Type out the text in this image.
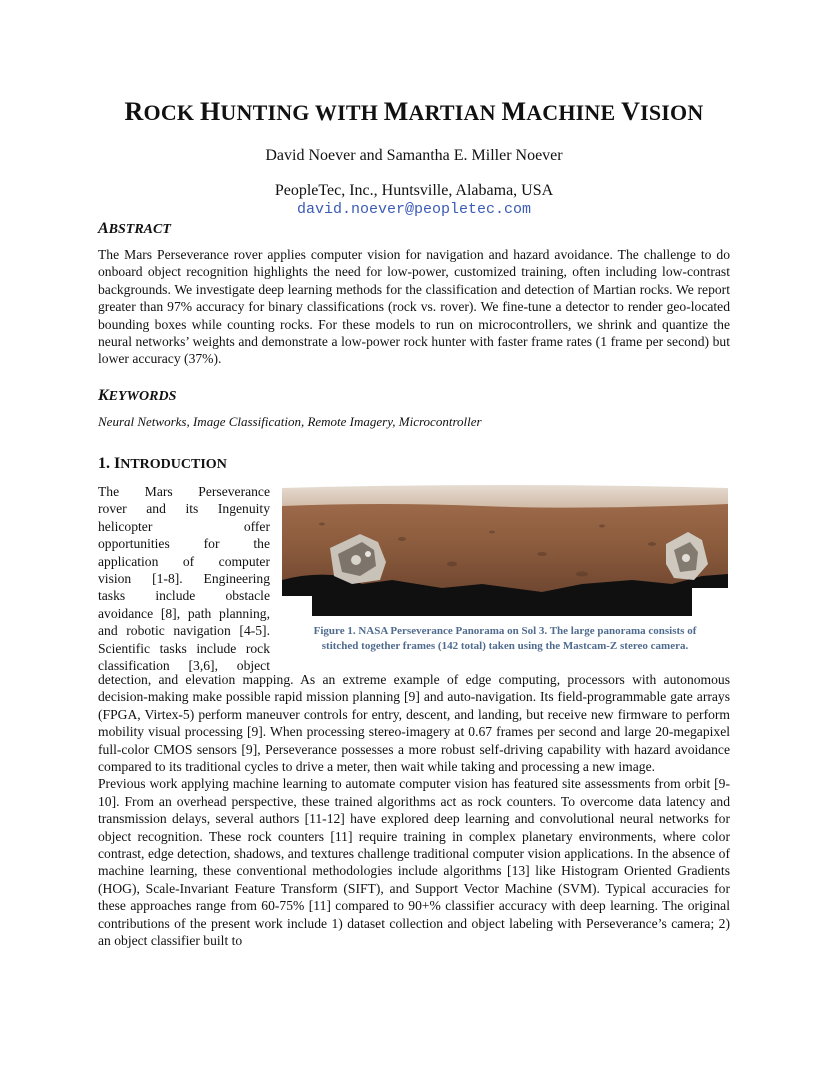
ROCK HUNTING WITH MARTIAN MACHINE VISION
David Noever and Samantha E. Miller Noever
PeopleTec, Inc., Huntsville, Alabama, USA
david.noever@peopletec.com
ABSTRACT
The Mars Perseverance rover applies computer vision for navigation and hazard avoidance. The challenge to do onboard object recognition highlights the need for low-power, customized training, often including low-contrast backgrounds. We investigate deep learning methods for the classification and detection of Martian rocks. We report greater than 97% accuracy for binary classifications (rock vs. rover). We fine-tune a detector to render geo-located bounding boxes while counting rocks. For these models to run on microcontrollers, we shrink and quantize the neural networks’ weights and demonstrate a low-power rock hunter with faster frame rates (1 frame per second) but lower accuracy (37%).
KEYWORDS
Neural Networks, Image Classification, Remote Imagery, Microcontroller
1. INTRODUCTION
The Mars Perseverance
rover and its Ingenuity
helicopter offer
opportunities for the
application of computer
vision [1-8]. Engineering
tasks include obstacle
avoidance [8], path planning,
and robotic navigation [4-5].
Scientific tasks include rock
classification [3,6], object
Figure 1. NASA Perseverance Panorama on Sol 3. The large panorama consists of
stitched together frames (142 total) taken using the Mastcam-Z stereo camera.

detection, and elevation mapping. As an extreme example of edge computing, processors with autonomous decision-making make possible rapid mission planning [9] and auto-navigation. Its field-programmable gate arrays (FPGA, Virtex-5) perform maneuver controls for entry, descent, and landing, but receive new firmware to perform mobility visual processing [9]. When processing stereo-imagery at 0.67 frames per second and large 20-megapixel full-color CMOS sensors [9], Perseverance possesses a more robust self-driving capability with hazard avoidance compared to its traditional cycles to drive a meter, then wait while taking and processing a new image.

Previous work applying machine learning to automate computer vision has featured site assessments from orbit [9-10]. From an overhead perspective, these trained algorithms act as rock counters. To overcome data latency and transmission delays, several authors [11-12] have explored deep learning and convolutional neural networks for object recognition. These rock counters [11] require training in complex planetary environments, where color contrast, edge detection, shadows, and textures challenge traditional computer vision applications. In the absence of machine learning, these conventional methodologies include algorithms [13] like Histogram Oriented Gradients (HOG), Scale-Invariant Feature Transform (SIFT), and Support Vector Machine (SVM). Typical accuracies for these approaches range from 60-75% [11] compared to 90+% classifier accuracy with deep learning. The original contributions of the present work include 1) dataset collection and object labeling with Perseverance’s camera; 2) an object classifier built to
